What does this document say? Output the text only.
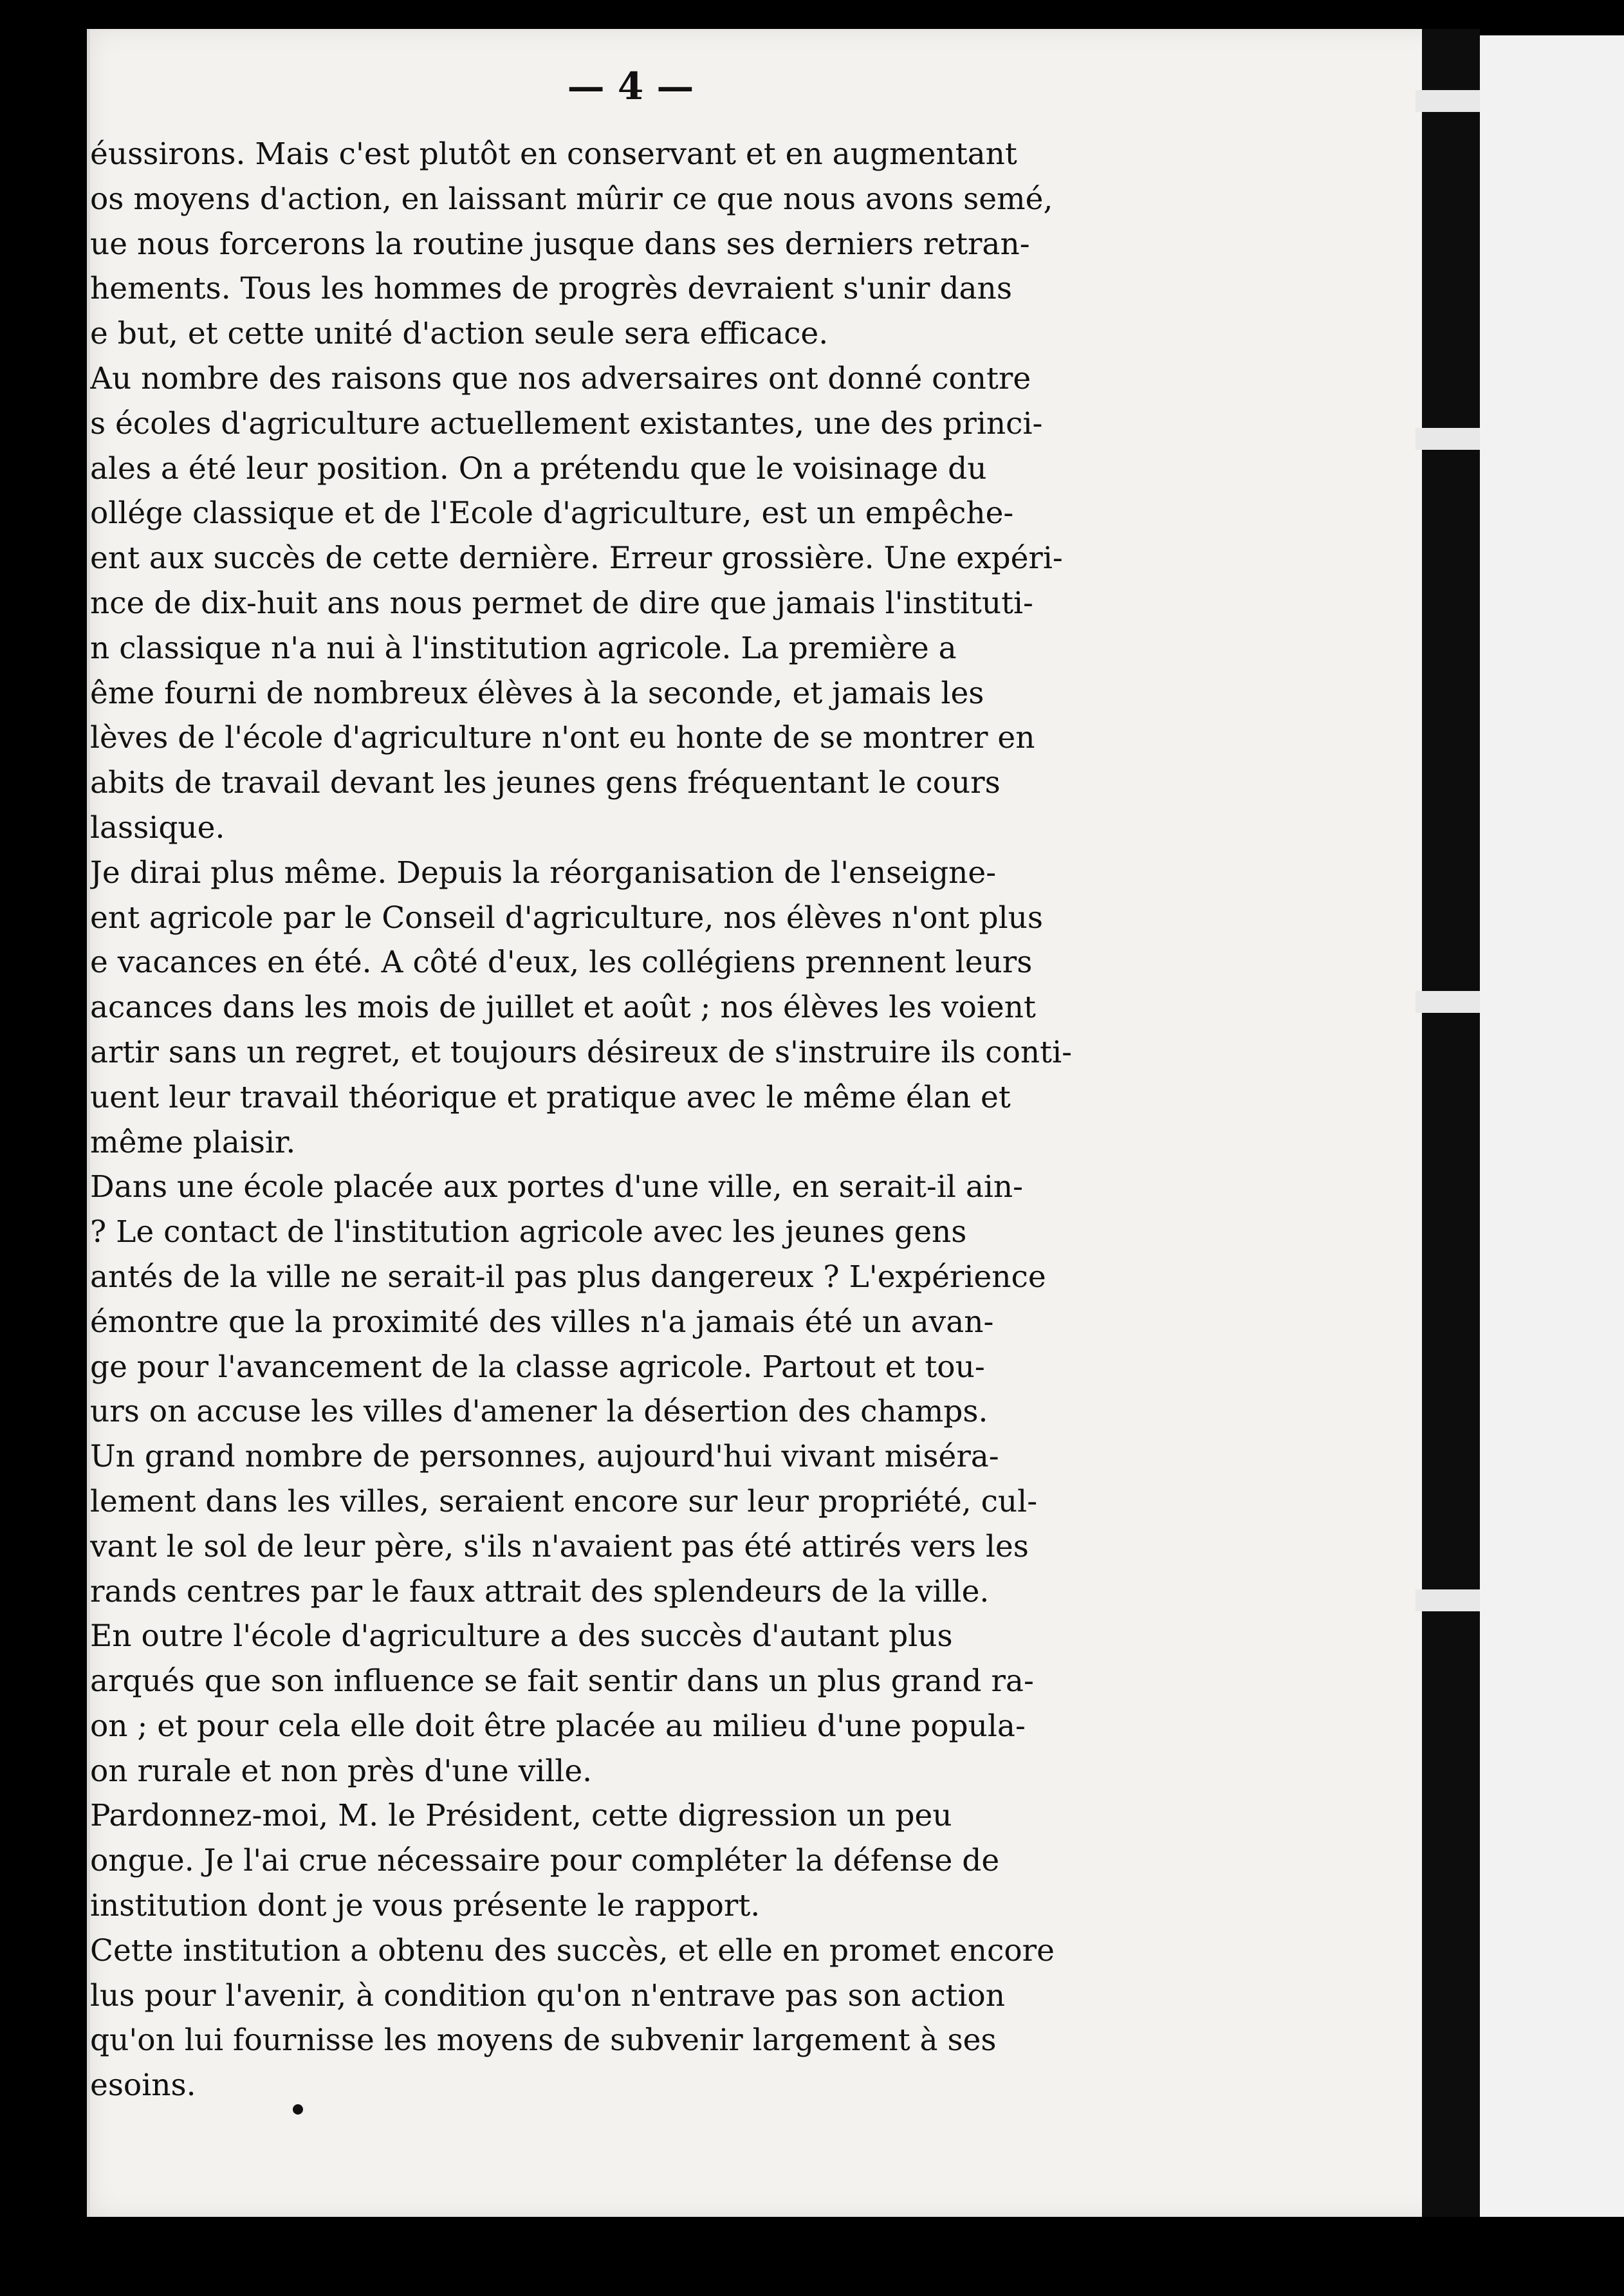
— 4 —
éussirons. Mais c'est plutôt en conservant et en augmentant
os moyens d'action, en laissant mûrir ce que nous avons semé,
ue nous forcerons la routine jusque dans ses derniers retran-
hements. Tous les hommes de progrès devraient s'unir dans
e but, et cette unité d'action seule sera efficace.
Au nombre des raisons que nos adversaires ont donné contre
s écoles d'agriculture actuellement existantes, une des princi-
ales a été leur position. On a prétendu que le voisinage du
ollége classique et de l'Ecole d'agriculture, est un empêche-
ent aux succès de cette dernière. Erreur grossière. Une expéri-
nce de dix-huit ans nous permet de dire que jamais l'instituti-
n classique n'a nui à l'institution agricole. La première a
ême fourni de nombreux élèves à la seconde, et jamais les
lèves de l'école d'agriculture n'ont eu honte de se montrer en
abits de travail devant les jeunes gens fréquentant le cours
lassique.
Je dirai plus même. Depuis la réorganisation de l'enseigne-
ent agricole par le Conseil d'agriculture, nos élèves n'ont plus
e vacances en été. A côté d'eux, les collégiens prennent leurs
acances dans les mois de juillet et août ; nos élèves les voient
artir sans un regret, et toujours désireux de s'instruire ils conti-
uent leur travail théorique et pratique avec le même élan et
même plaisir.
Dans une école placée aux portes d'une ville, en serait-il ain-
? Le contact de l'institution agricole avec les jeunes gens
antés de la ville ne serait-il pas plus dangereux ? L'expérience
émontre que la proximité des villes n'a jamais été un avan-
ge pour l'avancement de la classe agricole. Partout et tou-
urs on accuse les villes d'amener la désertion des champs.
Un grand nombre de personnes, aujourd'hui vivant miséra-
lement dans les villes, seraient encore sur leur propriété, cul-
vant le sol de leur père, s'ils n'avaient pas été attirés vers les
rands centres par le faux attrait des splendeurs de la ville.
En outre l'école d'agriculture a des succès d'autant plus
arqués que son influence se fait sentir dans un plus grand ra-
on ; et pour cela elle doit être placée au milieu d'une popula-
on rurale et non près d'une ville.
Pardonnez-moi, M. le Président, cette digression un peu
ongue. Je l'ai crue nécessaire pour compléter la défense de
institution dont je vous présente le rapport.
Cette institution a obtenu des succès, et elle en promet encore
lus pour l'avenir, à condition qu'on n'entrave pas son action
qu'on lui fournisse les moyens de subvenir largement à ses
esoins.
